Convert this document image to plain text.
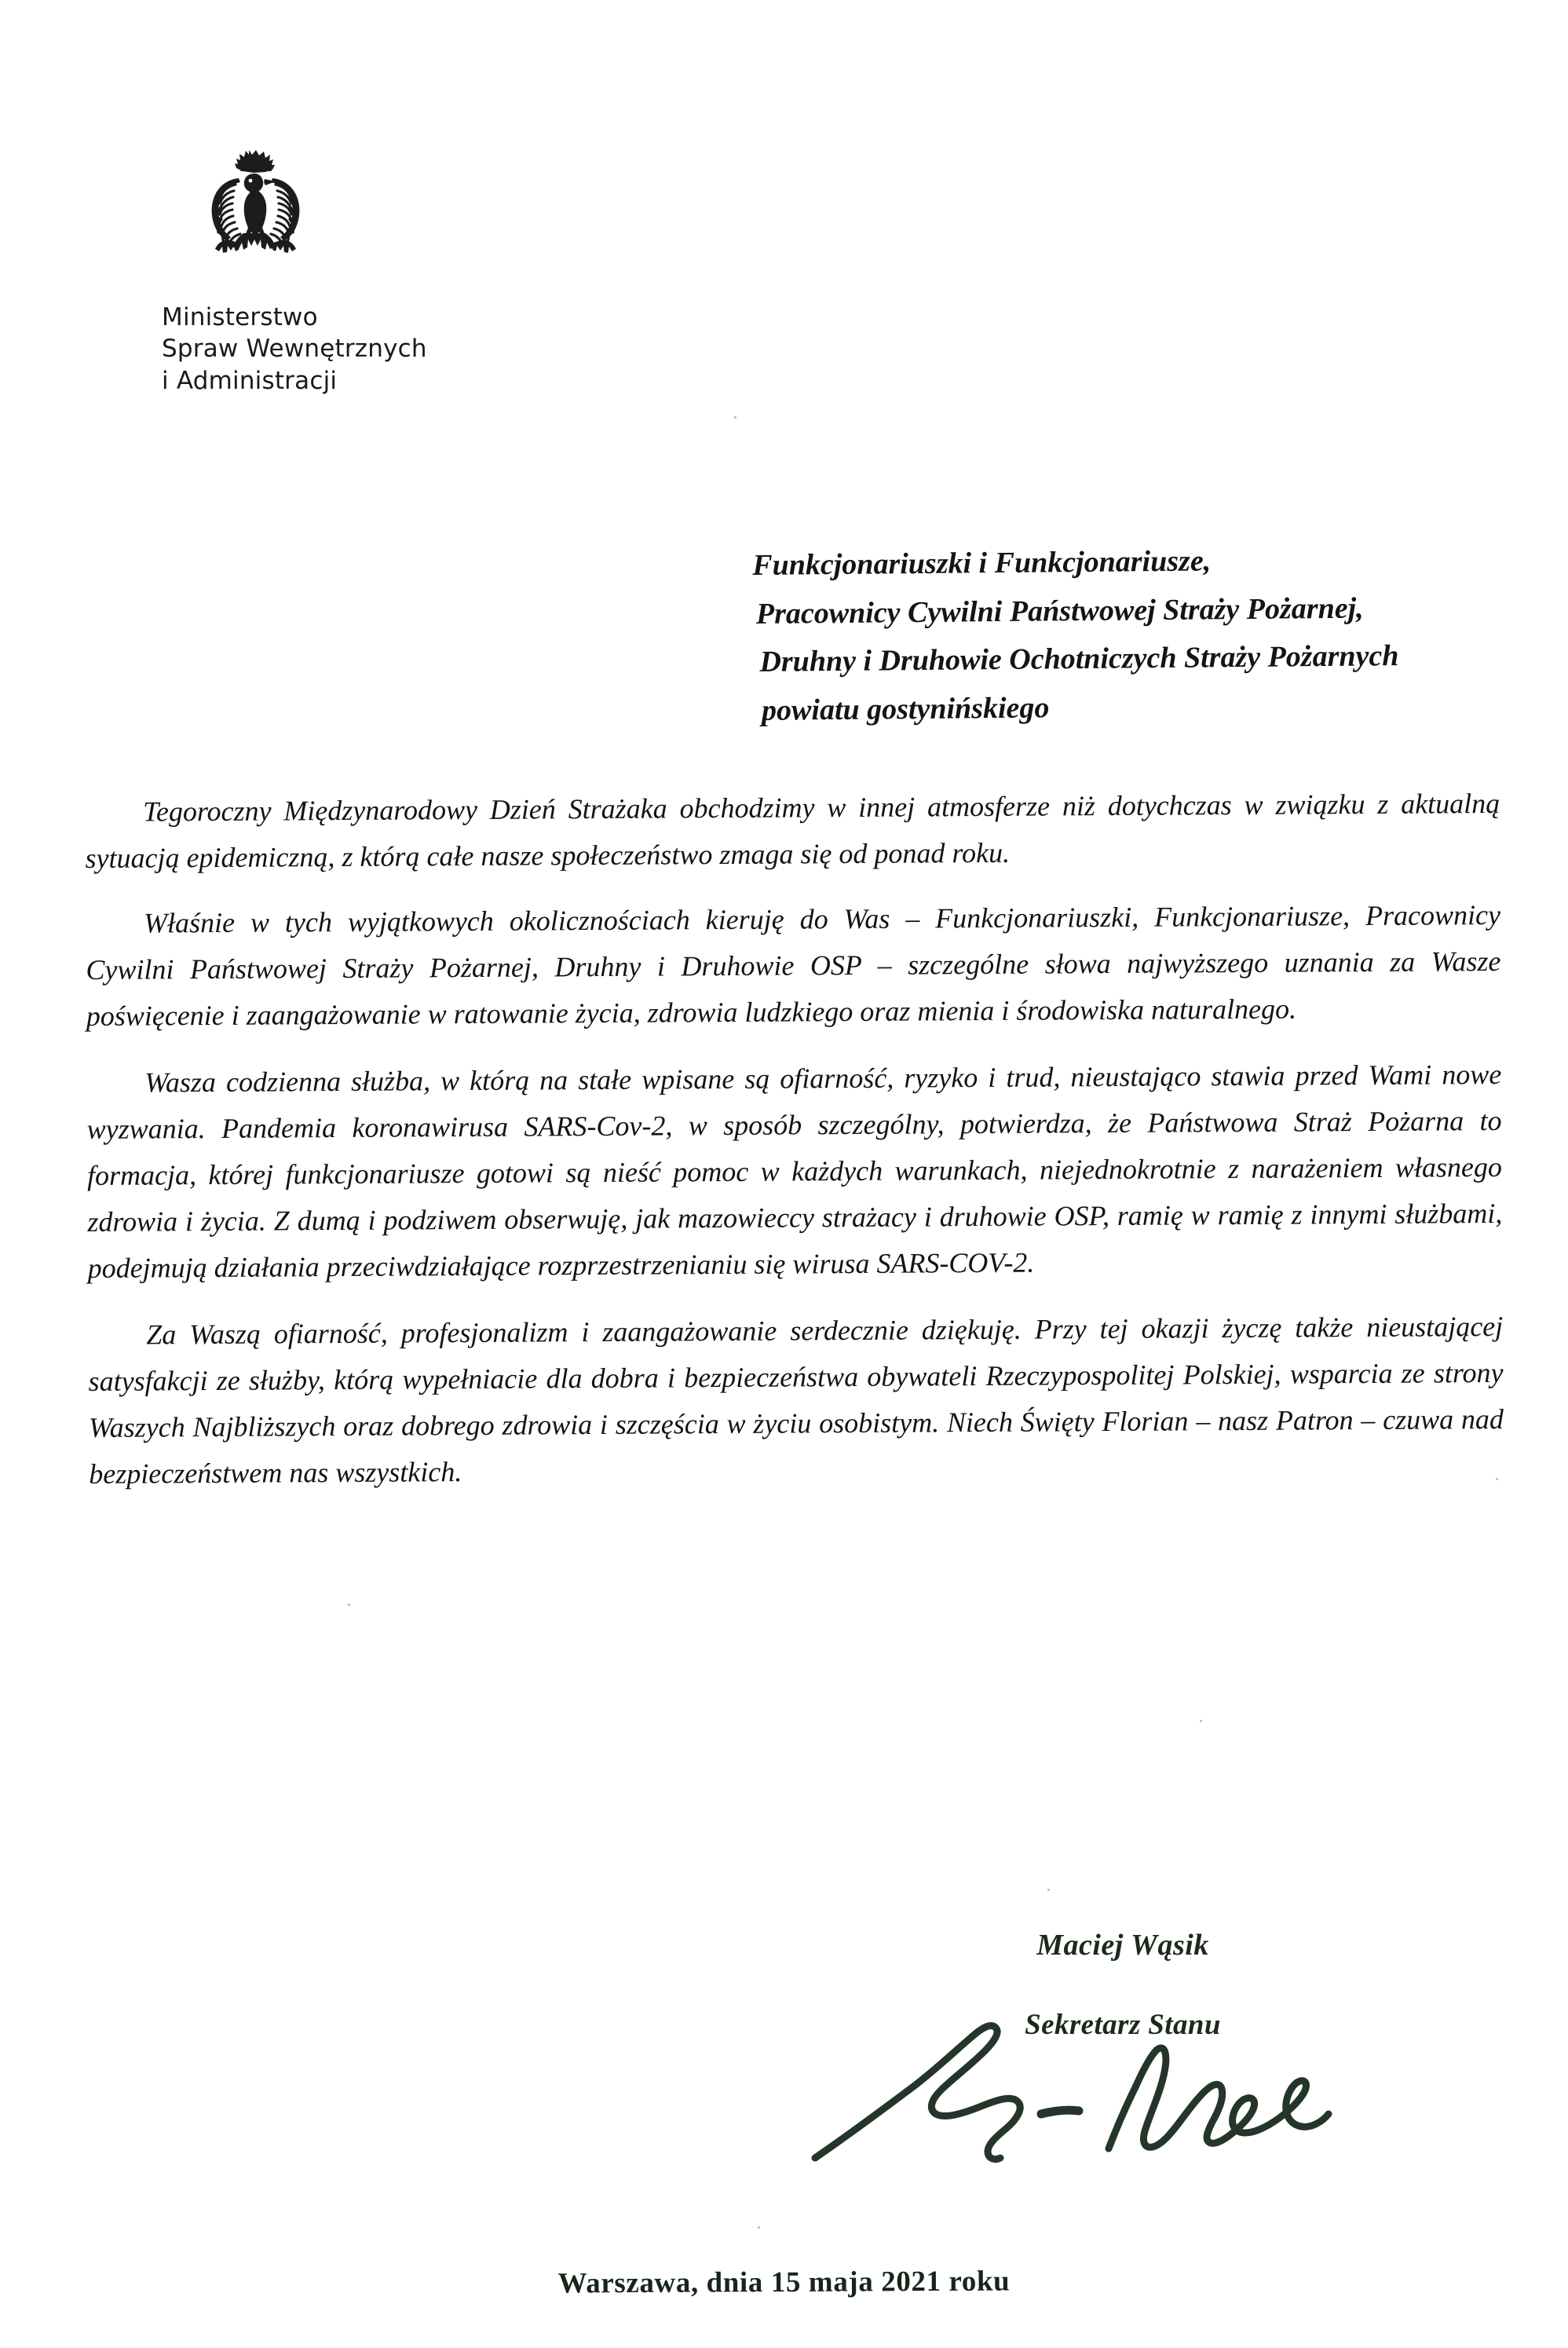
Ministerstwo
Spraw Wewnętrznych
i Administracji
Funkcjonariuszki i Funkcjonariusze,
Pracownicy Cywilni Państwowej Straży Pożarnej,
Druhny i Druhowie Ochotniczych Straży Pożarnych
powiatu gostynińskiego

Tegoroczny Międzynarodowy Dzień Strażaka obchodzimy w innej atmosferze niż dotychczas w związku z aktualną sytuacją epidemiczną, z którą całe nasze społeczeństwo zmaga się od ponad roku.

Właśnie w tych wyjątkowych okolicznościach kieruję do Was – Funkcjonariuszki, Funkcjonariusze, Pracownicy Cywilni Państwowej Straży Pożarnej, Druhny i Druhowie OSP – szczególne słowa najwyższego uznania za Wasze poświęcenie i zaangażowanie w ratowanie życia, zdrowia ludzkiego oraz mienia i środowiska naturalnego.

Wasza codzienna służba, w którą na stałe wpisane są ofiarność, ryzyko i trud, nieustająco stawia przed Wami nowe wyzwania. Pandemia koronawirusa SARS-Cov-2, w sposób szczególny, potwierdza, że Państwowa Straż Pożarna to formacja, której funkcjonariusze gotowi są nieść pomoc w każdych warunkach, niejednokrotnie z narażeniem własnego zdrowia i życia. Z dumą i podziwem obserwuję, jak mazowieccy strażacy i druhowie OSP, ramię w ramię z innymi służbami, podejmują działania przeciwdziałające rozprzestrzenianiu się wirusa SARS-COV-2.

Za Waszą ofiarność, profesjonalizm i zaangażowanie serdecznie dziękuję. Przy tej okazji życzę także nieustającej satysfakcji ze służby, którą wypełniacie dla dobra i bezpieczeństwa obywateli Rzeczypospolitej Polskiej, wsparcia ze strony Waszych Najbliższych oraz dobrego zdrowia i szczęścia w życiu osobistym. Niech Święty Florian – nasz Patron – czuwa nad bezpieczeństwem nas wszystkich.

Maciej Wąsik
Sekretarz Stanu
Warszawa, dnia 15 maja 2021 roku
